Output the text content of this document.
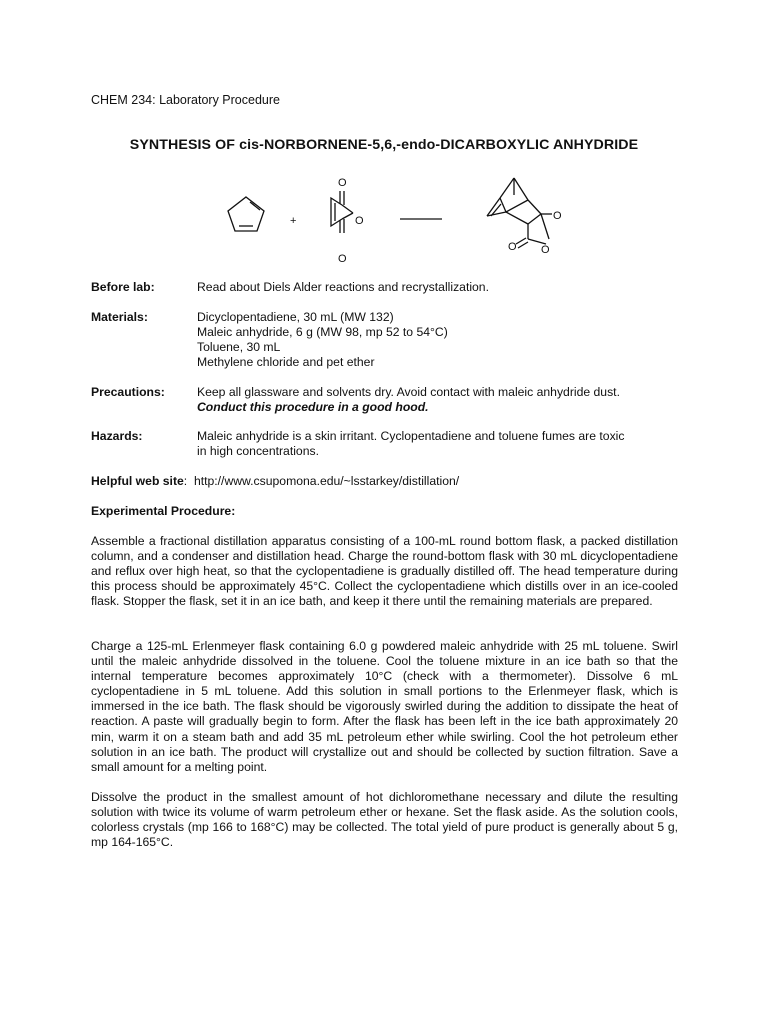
CHEM 234: Laboratory Procedure
SYNTHESIS OF cis-NORBORNENE-5,6,-endo-DICARBOXYLIC ANHYDRIDE
O
O
O
+	O
O
O
Before lab:	Read about Diels Alder reactions and recrystallization.
Materials:	Dicyclopentadiene, 30 mL (MW 132)
Maleic anhydride, 6 g (MW 98, mp 52 to 54°C)
Toluene, 30 mL
Methylene chloride and pet ether
Precautions:	Keep all glassware and solvents dry. Avoid contact with maleic anhydride dust.
Conduct this procedure in a good hood.
Hazards:	Maleic anhydride is a skin irritant. Cyclopentadiene and toluene fumes are toxic
in high concentrations.
Helpful web site: http://www.csupomona.edu/~lsstarkey/distillation/
Experimental Procedure:

Assemble a fractional distillation apparatus consisting of a 100-mL round bottom flask, a packed distillation column, and a condenser and distillation head. Charge the round-bottom flask with 30 mL dicyclopentadiene and reflux over high heat, so that the cyclopentadiene is gradually distilled off. The head temperature during this process should be approximately 45°C. Collect the cyclopentadiene which distills over in an ice-cooled flask. Stopper the flask, set it in an ice bath, and keep it there until the remaining materials are prepared.

Charge a 125-mL Erlenmeyer flask containing 6.0 g powdered maleic anhydride with 25 mL toluene. Swirl until the maleic anhydride dissolved in the toluene. Cool the toluene mixture in an ice bath so that the internal temperature becomes approximately 10°C (check with a thermometer). Dissolve 6 mL cyclopentadiene in 5 mL toluene. Add this solution in small portions to the Erlenmeyer flask, which is immersed in the ice bath. The flask should be vigorously swirled during the addition to dissipate the heat of reaction. A paste will gradually begin to form. After the flask has been left in the ice bath approximately 20 min, warm it on a steam bath and add 35 mL petroleum ether while swirling. Cool the hot petroleum ether solution in an ice bath. The product will crystallize out and should be collected by suction filtration. Save a small amount for a melting point.

Dissolve the product in the smallest amount of hot dichloromethane necessary and dilute the resulting solution with twice its volume of warm petroleum ether or hexane. Set the flask aside. As the solution cools, colorless crystals (mp 166 to 168°C) may be collected. The total yield of pure product is generally about 5 g, mp 164-165°C.
